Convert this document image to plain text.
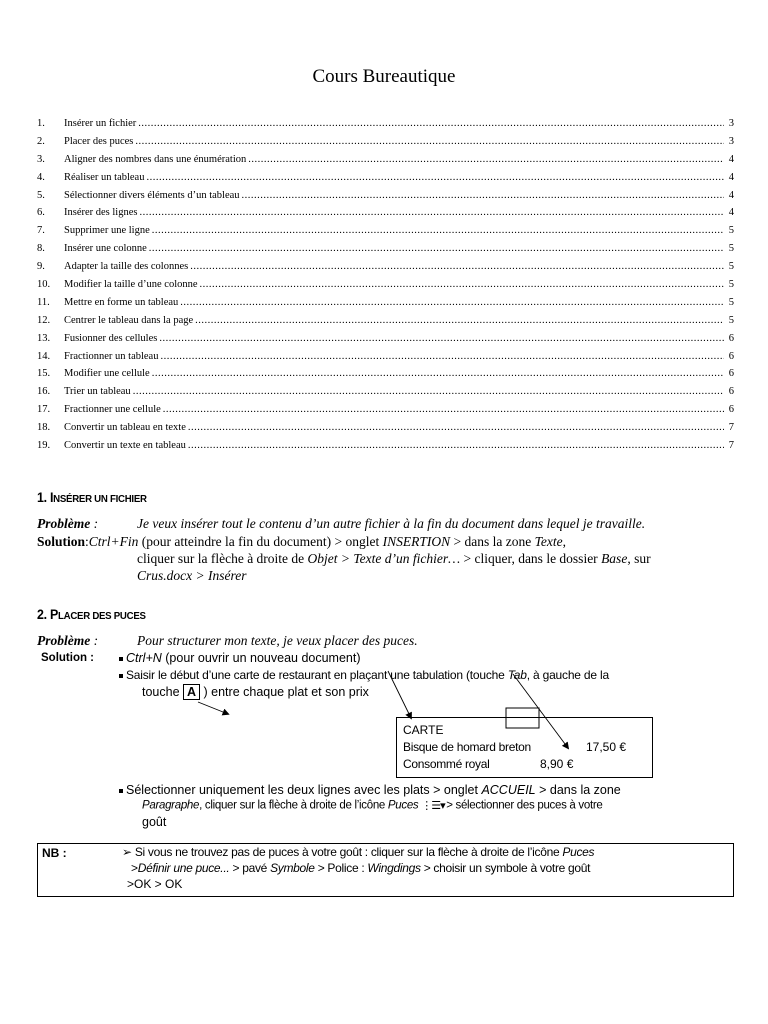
Cours Bureautique
1.	Insérer un fichier .....	3
2.	Placer des puces .....	3
3.	Aligner des nombres dans une énumération .....	4
4.	Réaliser un tableau .....	4
5.	Sélectionner divers éléments d’un tableau .....	4
6.	Insérer des lignes .....	4
7.	Supprimer une ligne .....	5
8.	Insérer une colonne .....	5
9.	Adapter la taille des colonnes .....	5
10.	Modifier la taille d’une colonne .....	5
11.	Mettre en forme un tableau .....	5
12.	Centrer le tableau dans la page .....	5
13.	Fusionner des cellules .....	6
14.	Fractionner un tableau .....	6
15.	Modifier une cellule .....	6
16.	Trier un tableau .....	6
17.	Fractionner une cellule .....	6
18.	Convertir un tableau en texte .....	7
19.	Convertir un texte en tableau .....	7
1. INSÉRER UN FICHIER
Problème :	Je veux insérer tout le contenu d’un autre fichier à la fin du document dans lequel je travaille.
Solution:Ctrl+Fin (pour atteindre la fin du document) > onglet INSERTION > dans la zone Texte,
cliquer sur la flèche à droite de Objet > Texte d’un fichier… > cliquer, dans le dossier Base, sur
Crus.docx > Insérer
2. PLACER DES PUCES
Problème :	Pour structurer mon texte, je veux placer des puces.
Solution :	Ctrl+N (pour ouvrir un nouveau document)
Saisir le début d’une carte de restaurant en plaçant une tabulation (touche Tab, à gauche de la
touche A ) entre chaque plat et son prix
CARTE
Bisque de homard breton	17,50 €
Consommé royal	8,90 €
Sélectionner uniquement les deux lignes avec les plats > onglet ACCUEIL > dans la zone
Paragraphe, cliquer sur la flèche à droite de l’icône Puces ⋮☰▾ > sélectionner des puces à votre
goût
NB :	➢ Si vous ne trouvez pas de puces à votre goût : cliquer sur la flèche à droite de l’icône Puces
>Définir une puce... > pavé Symbole > Police : Wingdings > choisir un symbole à votre goût
>OK > OK
